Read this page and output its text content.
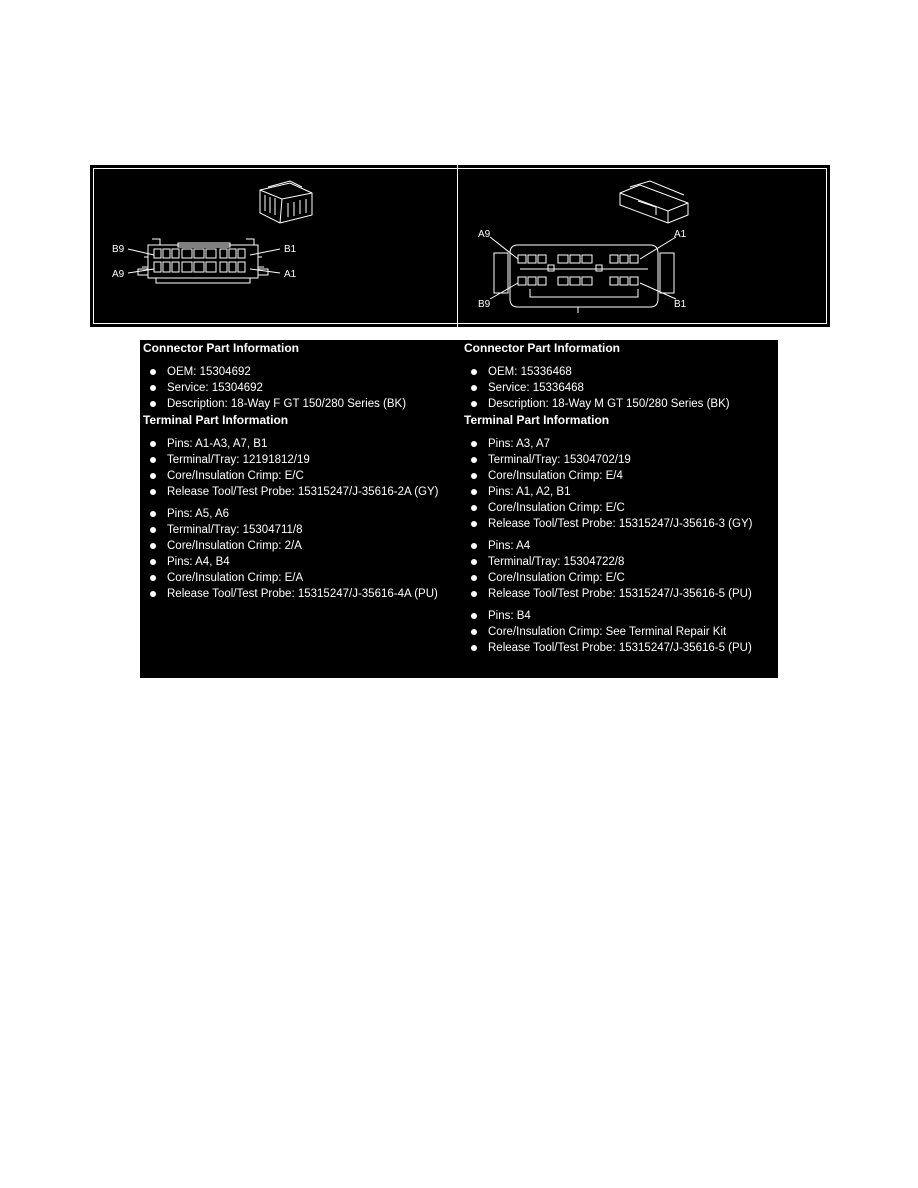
B9	B1
A9	A1
A9	A1
B9	B1
Connector Part Information
OEM: 15304692
Service: 15304692
Description: 18-Way F GT 150/280 Series (BK)
Terminal Part Information
Pins: A1-A3, A7, B1
Terminal/Tray: 12191812/19
Core/Insulation Crimp: E/C
Release Tool/Test Probe: 15315247/J-35616-2A (GY)
Pins: A5, A6
Terminal/Tray: 15304711/8
Core/Insulation Crimp: 2/A
Pins: A4, B4
Core/Insulation Crimp: E/A
Release Tool/Test Probe: 15315247/J-35616-4A (PU)
Connector Part Information
OEM: 15336468
Service: 15336468
Description: 18-Way M GT 150/280 Series (BK)
Terminal Part Information
Pins: A3, A7
Terminal/Tray: 15304702/19
Core/Insulation Crimp: E/4
Pins: A1, A2, B1
Core/Insulation Crimp: E/C
Release Tool/Test Probe: 15315247/J-35616-3 (GY)
Pins: A4
Terminal/Tray: 15304722/8
Core/Insulation Crimp: E/C
Release Tool/Test Probe: 15315247/J-35616-5 (PU)
Pins: B4
Core/Insulation Crimp: See Terminal Repair Kit
Release Tool/Test Probe: 15315247/J-35616-5 (PU)
